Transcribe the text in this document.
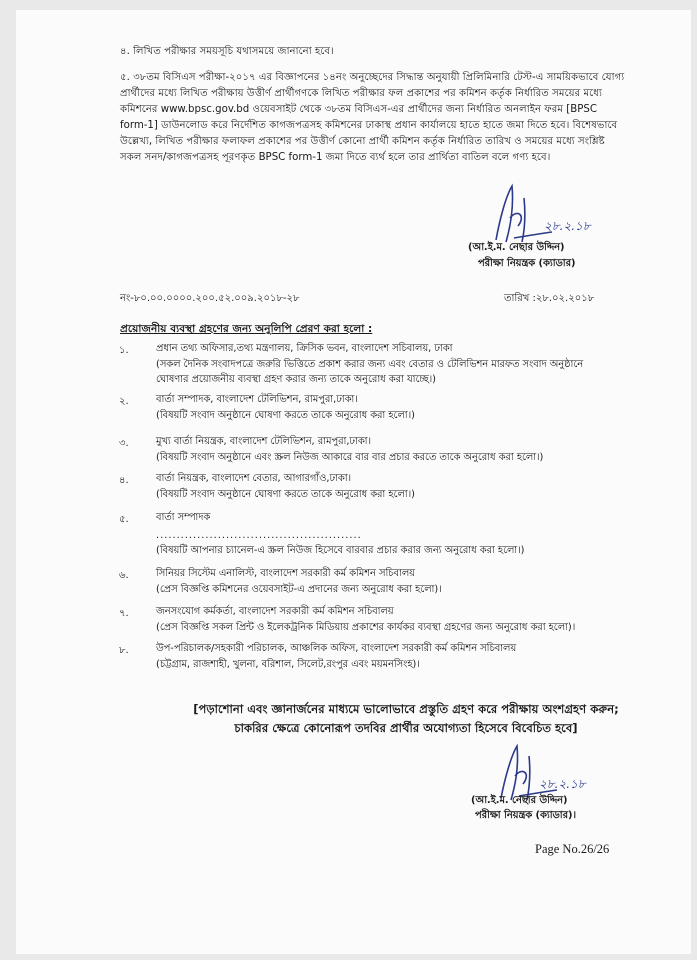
৪. লিখিত পরীক্ষার সময়সূচি যথাসময়ে জানানো হবে।

৫. ৩৮তম বিসিএস পরীক্ষা-২০১৭ এর বিজ্ঞাপনের ১৪নং অনুচ্ছেদের সিদ্ধান্ত অনুযায়ী প্রিলিমিনারি টেস্ট-এ সাময়িকভাবে যোগ্য
প্রার্থীদের মধ্যে লিখিত পরীক্ষায় উত্তীর্ণ প্রার্থীগণকে লিখিত পরীক্ষার ফল প্রকাশের পর কমিশন কর্তৃক নির্ধারিত সময়ের মধ্যে
কমিশনের www.bpsc.gov.bd ওয়েবসাইট থেকে ৩৮তম বিসিএস-এর প্রার্থীদের জন্য নির্ধারিত অনলাইন ফরম [BPSC
form-1] ডাউনলোড করে নির্দেশিত কাগজপত্রসহ কমিশনের ঢাকাস্থ প্রধান কার্যালয়ে হাতে হাতে জমা দিতে হবে। বিশেষভাবে
উল্লেখ্য, লিখিত পরীক্ষার ফলাফল প্রকাশের পর উত্তীর্ণ কোনো প্রার্থী কমিশন কর্তৃক নির্ধারিত তারিখ ও সময়ের মধ্যে সংশ্লিষ্ট
সকল সনদ/কাগজপত্রসহ পূরণকৃত BPSC form-1 জমা দিতে ব্যর্থ হলে তার প্রার্থিতা বাতিল বলে গণ্য হবে।
২৮.২.১৮
(আ.ই.ম. নেছার উদ্দিন)
পরীক্ষা নিয়ন্ত্রক (ক্যাডার)
নং-৮০.০০.০০০০.২০০.৫২.০০৯.২০১৮-২৮	তারিখ :২৮.০২.২০১৮
প্রয়োজনীয় ব্যবস্থা গ্রহণের জন্য অনুলিপি প্রেরণ করা হলো :
১.	প্রধান তথ্য অফিসার,তথ্য মন্ত্রণালয়, ক্রিসিক ভবন, বাংলাদেশ সচিবালয়, ঢাকা
(সকল দৈনিক সংবাদপত্রে জরুরি ভিত্তিতে প্রকাশ করার জন্য এবং বেতার ও টেলিভিশন মারফত সংবাদ অনুষ্ঠানে
ঘোষণার প্রয়োজনীয় ব্যবস্থা গ্রহণ করার জন্য তাকে অনুরোধ করা যাচ্ছে।)
২.	বার্তা সম্পাদক, বাংলাদেশ টেলিভিশন, রামপুরা,ঢাকা।
(বিষয়টি সংবাদ অনুষ্ঠানে ঘোষণা করতে তাকে অনুরোধ করা হলো।)
৩.	মুখ্য বার্তা নিয়ন্ত্রক, বাংলাদেশ টেলিভিশন, রামপুরা,ঢাকা।
(বিষয়টি সংবাদ অনুষ্ঠানে এবং স্ক্রল নিউজ আকারে বার বার প্রচার করতে তাকে অনুরোধ করা হলো।)
৪.	বার্তা নিয়ন্ত্রক, বাংলাদেশ বেতার, আগারগাঁও,ঢাকা।
(বিষয়টি সংবাদ অনুষ্ঠানে ঘোষণা করতে তাকে অনুরোধ করা হলো।)
৫.	বার্তা সম্পাদক
..................................................
(বিষয়টি আপনার চ্যানেল-এ স্ক্রল নিউজ হিসেবে বারবার প্রচার করার জন্য অনুরোধ করা হলো।)
৬.	সিনিয়র সিস্টেম এনালিস্ট, বাংলাদেশ সরকারী কর্ম কমিশন সচিবালয়
(প্রেস বিজ্ঞপ্তি কমিশনের ওয়েবসাইট-এ প্রদানের জন্য অনুরোধ করা হলো)।
৭.	জনসংযোগ কর্মকর্তা, বাংলাদেশ সরকারী কর্ম কমিশন সচিবালয়
(প্রেস বিজ্ঞপ্তি সকল প্রিন্ট ও ইলেকট্রনিক মিডিয়ায় প্রকাশের কার্যকর ব্যবস্থা গ্রহণের জন্য অনুরোধ করা হলো)।
৮.	উপ-পরিচালক/সহকারী পরিচালক, আঞ্চলিক অফিস, বাংলাদেশ সরকারী কর্ম কমিশন সচিবালয়
(চট্টগ্রাম, রাজশাহী, খুলনা, বরিশাল, সিলেট,রংপুর এবং ময়মনসিংহ)।
[পড়াশোনা এবং জ্ঞানার্জনের মাধ্যমে ভালোভাবে প্রস্তুতি গ্রহণ করে পরীক্ষায় অংশগ্রহণ করুন;
চাকরির ক্ষেত্রে কোনোরূপ তদবির প্রার্থীর অযোগ্যতা হিসেবে বিবেচিত হবে]
২৮.২.১৮
(আ.ই.ম. নেছার উদ্দিন)
পরীক্ষা নিয়ন্ত্রক (ক্যাডার)।
Page No.26/26
